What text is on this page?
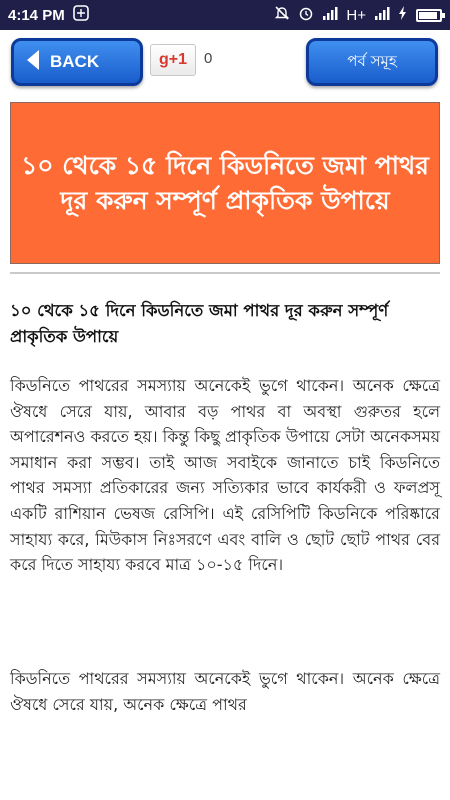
4:14 PM	H+
BACK	g+1 0	পর্ব সমূহ
১০ থেকে ১৫ দিনে কিডনিতে জমা পাথর দূর করুন সম্পূর্ণ প্রাকৃতিক উপায়ে
১০ থেকে ১৫ দিনে কিডনিতে জমা পাথর দূর করুন সম্পূর্ণ প্রাকৃতিক উপায়ে
কিডনিতে পাথরের সমস্যায় অনেকেই ভুগে থাকেন। অনেক ক্ষেত্রে ঔষধে সেরে যায়, আবার বড় পাথর বা অবস্থা গুরুতর হলে অপারেশনও করতে হয়। কিন্তু কিছু প্রাকৃতিক উপায়ে সেটা অনেকসময় সমাধান করা সম্ভব। তাই আজ সবাইকে জানাতে চাই কিডনিতে পাথর সমস্যা প্রতিকারের জন্য সত্যিকার ভাবে কার্যকরী ও ফলপ্রসূ একটি রাশিয়ান ভেষজ রেসিপি। এই রেসিপিটি কিডনিকে পরিষ্কারে সাহায্য করে, মিউকাস নিঃসরণে এবং বালি ও ছোট ছোট পাথর বের করে দিতে সাহায্য করবে মাত্র ১০-১৫ দিনে।
কিডনিতে পাথরের সমস্যায় অনেকেই ভুগে থাকেন। অনেক ক্ষেত্রে ঔষধে সেরে যায়, অনেক ক্ষেত্রে পাথর
